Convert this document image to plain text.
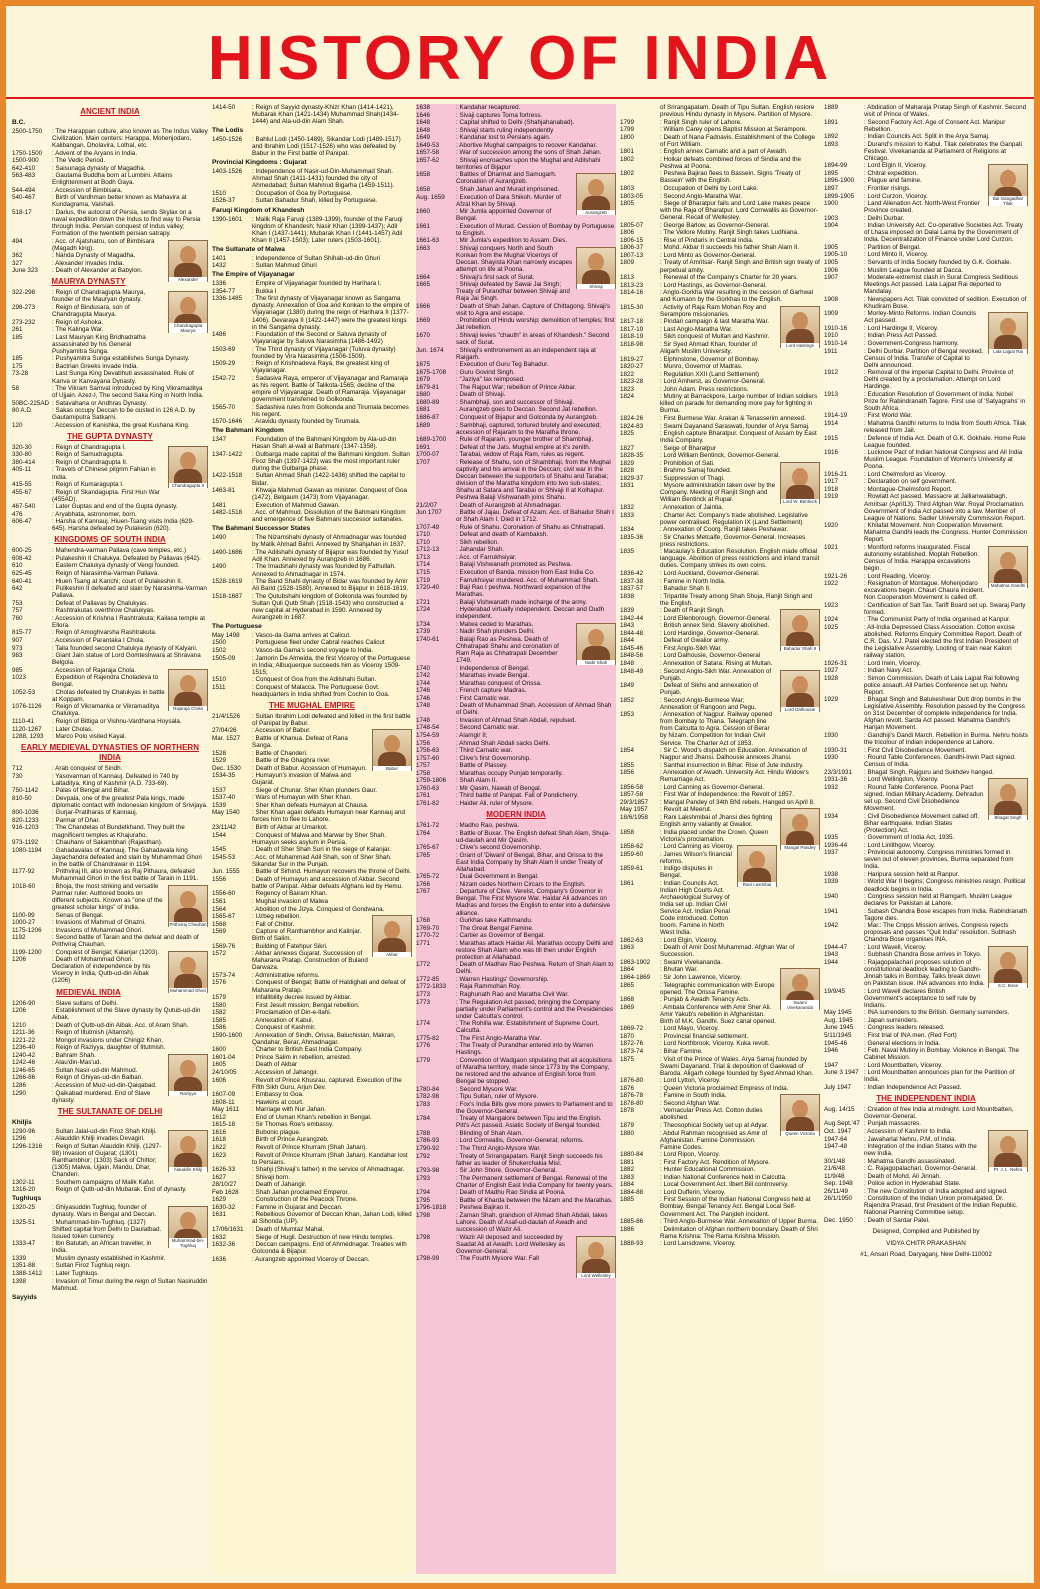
HISTORY OF INDIA
ANCIENT INDIA
B.C.
2500-1750	: The Harappan culture, also known as The Indus Valley Civilization. Main centers: Harappa, Mohenjodaro, Kalibangan, Dholavira, Lothal, etc.
1750-1500	: Advent of the Aryans in India.
1500-900	: The Vedic Period.
642-410	: Saisunaga dynasty of Magadha.
563-483	: Gautama Buddha born at Lumbini. Attains Enlightenment at Bodh Gaya.
544-494	: Accession of Bimbisara.
540-467	: Birth of Vardhman better known as Mahavira at Kundagrama, Vaishali.
518-17	: Darius, the autocrat of Persia, sends Skylax on a naval expedition down the Indus to find way to Persia through India. Persian conquest of Indus valley; Formation of the twentieth persian satrapy.
Alexander
494	: Acc. of Ajatshatru, son of Bimbisara (Magadh king).
362	: Nanda Dynasty of Magadha.
327	: Alexander invades India.
June 323	: Death of Alexander at Babylon.
MAURYA DYNASTY
Chandragupta Maurya
322-298	: Reign of Chandragupta Maurya, founder of the Mauryan dynasty.
298-273	: Reign of Bindusara, son of Chandragupta Maurya.
273-232	: Reign of Ashoka.
261	: The Kalinga War.
185	: Last Mauryan King Bridhadratha assassinated by his General Pushyamitra Sunga.
185	: Pushyamitra Sunga establishes Sunga Dynasty.
175	: Bactrian Greeks invade India.
73-28	: Last Sunga King Devabhuti assassinated. Rule of Kanva or Kanvayana Dynasty.
58	: The Vikram Samvat introduced by King Vikramaditya of Ujjain. Azez-I, The second Saka King in North India.
50BC-225AD : Satavahana or Andhras Dynasty.
80 A.D.	: Sakas occupy Deccan to be ousted in 126 A.D. by Gautamiputra Satkarni.
120	: Accession of Kanishka, the great Kushana King.
THE GUPTA DYNASTY
Chandragupta II
320-30	: Reign of Chandragupta I.
330-80	: Reign of Samudragupta.
380-414	: Reign of Chandragupta II.
405-11	: Travels of Chinese pilgrim Fahian in India.
415-55	: Reign of Kumaragupta I.
455-67	: Reign of Skandagupta. First Hun War (455AD).
467-540	: Later Guptas and end of the Gupta dynasty.
476	: Aryabhata, astronomer, born.
606-47	: Harsha of Kannauj. Hiuen-Tsang visits India (629-645). Harsha defeated by Pulakesin (620).
KINGDOMS OF SOUTH INDIA
600-25	: Mahendra-varman Pallava (cave temples, etc.)
608-42	: Pulakeshin II Chalukya. Defeated by Pallavas (642).
610	: Eastern Chalukya dynasty of Vengi founded.
625-45	: Reign of Narasimha-Varman Pallava.
640-41	: Hiuen Tsang at Kanchi; court of Pulakeshin II.
642	: Pulikeshin II defeated and slain by Narasimha-Varman Pallava.
753	: Defeat of Pallavas by Chalukyas.
757	: Rashtrakutas overthrow Chalukyas.
760	: Accession of Krishna I Rashtrakuta; Kailasa temple at Ellora.
815-77	: Reign of Amoghvarsha Rashtrakuta.
907	: Accession of Parantaka I Chola.
973	: Taila founded second Chalukya dynasty of Kalyani.
983	: Giant Jain statue of Lord Gomteshwara at Shravana Belgola.
Rajaraja Chola
985	: Accession of Rajaraja Chola.
1023	: Expedition of Rajendra Choladeva to Bengal.
1052-53	: Cholas defeated by Chalukyas in battle at Koppam.
1076-1126	: Reign of Vikramanka or Vikramaditya Chalukya.
1110-41	: Reign of Bittiga or Vishnu-Vardhana Hoysala.
1120-1267	: Later Cholas.
1288, 1293	: Marco Polo visited Kayal.
EARLY MEDIEVAL DYNASTIES OF NORTHERN INDIA
712	: Arab conquest of Sindh.
730	: Yasovarman of Kannauj. Defeated in 740 by Laltaditya, King of Kashmir (A.D. 733-69).
750-1142	: Palas of Bengal and Bihar.
810-50	: Devpala, one of the greatest Pala kings, made diplomatic contact with Indonesian kingdom of Srivijaya.
800-1036	: Gurjar-Pratiharas of Kannauj.
820-1233	: Parmar of Dhar.
916-1203	: The Chandelas of Bundelkhand. They built the magnificent temples at Khajuraho.
973-1192	: Chauhans of Sakambhari (Rajasthan).
1080-1194	: Gahadavalas of Kannauj. The Gahadavala king Jayachandra defeated and slain by Muhammad Ghori in the battle of Chandrawar in 1194.
1177-92	: Prithviraj III, also known as Raj Pithaura, defeated Muhammad Ghori in the first battle of Tarain in 1191.
Prithviraj Chauhan
1018-60	: Bhoja, the most striking and versatile Parmar ruler. Authored books on different subjects. Known as "one of the greatest scholar kings" of India.
1100-99	: Senas of Bengal.
1000-27	: Invasions of Mahmud of Ghazni.
1175-1206	: Invasions of Muhammad Ghori.
1192	: Second battle of Tarain and the defeat and death of Prithviraj Chauhan.
Muhammad Ghori
1199-1200	: Conquest of Bengal; Kalanjar (1203).
1206	: Death of Mohammad Ghori. Declaration of independence by his Viceroy in India, Qutb-ud-din Aibak (1206)
MEDIEVAL INDIA
1206-90	: Slave sultans of Delhi.
1206	: Establishment of the Slave dynasty by Qutub-ud-din Aibak.
1210	: Death of Qutb-ud-din Aibak. Acc. of Aram Shah.
1211-36	: Reign of Iltutmish (Altamsh).
1221-22	: Mongol invasions under Chingiz Khan.
1236-40	: Reign of Raziyya, daughter of Iltutmish.
Raziyya
1240-42	: Bahram Shah.
1242-46	: Alau'din-Mas'ud.
1246-65	: Sultan Nasir-ud-din Mahmud.
1266-86	: Reign of Ghiyas-ud-din Balban.
1286	: Accession of Muiz-ud-din-Qaiqabad.
1290	: Qaikabad murdered. End of Slave dynasty.
THE SULTANATE OF DELHI
Khiljis
Alauddin Khilji
1290-96	: Sultan Jalal-ud-din Firoz Shah Khilji.
1296	: Alauddin Khilji invades Devagiri.
1296-1316	: Reign of Sultan Alauddin Khilji. (1297-98) Invasion of Gujarat; (1301) Ranthambhor; (1303) Sack of Chittor; (1305) Malwa, Ujjain, Mandu, Dhar, Chanderi.
1302-11	: Southern campaigns of Malik Kafur.
1316-20	: Reign of Qutb-ud-din Mubarak. End of dynasty.
Tughluqs
Muhammad-bin-Tughluq
1320-25	: Ghiyasuddin Tughluq, founder of dynasty. Wars in Bengal and Deccan.
1325-51	: Muhammad-bin-Tughluq. (1327) Shifted capital from Delhi to Daulatbad. Issued token currency.
1333-47	: Ibn Batutah, an African traveller, in India.
1339	: Muslim dynasty established in Kashmir.
1351-88	: Sultan Firoz Tughluq reign.
1388-1412	: Later Tughluqs.
1398	: Invasion of Timur during the reign of Sultan Nasiruddin Mahmud.
Sayyids
1414-50	: Reign of Sayyid dynasty-Khizr Khan (1414-1421), Mubarak Khan (1421-1434) Muhammad Shah(1434-1444) and Ala-ud-din Alam Shah.
The Lodis
1450-1526	: Bahlul Lodi (1450-1489), Sikandar Lodi (1489-1517) and Ibrahim Lodi (1517-1526) who was defeated by Babur in the First battle of Panipat.
Provincial Kingdoms : Gujarat
1403-1526	: Independence of Nasir-ud-Din-Muhammad Shah. Ahmad Shah (1411-1431) founded the city of Ahmedabad; Sultan Mahmud Bigarha (1459-1511).
1510	: Occupation of Goa by Portuguese.
1526-37	: Sultan Bahadur Shah, killed by Portuguese.
Faruqi Kingdom of Khandesh
1390-1601	: Malik Raja Faruqi (1389-1399), founder of the Faruqi kingdom of Khandesh; Nasir Khan (1399-1437); Adil Khan I (1437-1441); Mubarak Khan I (1441-1457) Adil Khan II (1457-1503); Later rulers (1503-1601).
The Sultanate of Malwa
1401	: Independence of Sultan Shihab-ud-din Ghuri
1432	: Sultan Mahmud Ghuri
The Empire of Vijayanagar
1336	: Empire of Vijayanagar founded by Harihara I.
1354-77	: Bukka I
1336-1485	: The first dynasty of Vijayanagar known as Sangama dynasty. Annexation of Goa and Konkan to the empire of Vijayanagar (1380) during the reign of Harihara II (1377-1406). Devaraya II (1422-1447) were the greatest kings in the Sangama dynasty.
1486	: Foundation of the Second or Saluva dynasty of Vijayanagar by Saluva Narasimha (1486-1492)
1503-69	: The Third dynasty of Vijayanagar (Tuluva dynasty) founded by Vira Narasimha (1506-1509).
1509-29	: Reign of Krishnadeva Raya, the greatest king of Vijayanagar.
1542-72	: Sadasiva Raya, emperor of Vijayanagar and Ramaraja as his regent. Battle of Talikota-1565; decline of the empire of Vijayanagar. Death of Ramaraja. Vijayanagar government transferred to Golkonda.
1565-70	: Sadashiva rules from Golkonda and Tirumala becomes his regent.
1570-1646	: Aravidu dynasty founded by Tirumala.
The Bahmani Kingdom
1347	: Foundation of the Bahmani Kingdom by Ala-ud-din Hasan Shah al-wali al Bahmani (1347-1358).
1347-1422	: Gulbarga made capital of the Bahmani kingdom. Sultan Firoz Shah (1397-1422) was the most important ruler during the Gulbarga phase.
1422-1518	: Sultan Ahmad Shah (1422-1436) shifted the capital to Bidar.
1463-81	: Khwaja Mahmud Gawan as minister. Conquest of Goa (1472), Belgaum (1473) from Vijayanagar.
1481	: Execution of Mahmud Gawan.
1482-1518	: Acc. of Mahmud. Dissolution of the Bahmani Kingdom and emergence of five Bahmani successor sultanates.
The Bahmani Successor States
1490	: The Nizamshahi dynasty of Ahmadnagar was founded by Malik Ahmad Bahri. Annexed by Shahjahan in 1637.
1490-1686	: The Adilshahi dynasty of Bijapur was founded by Yusuf Adil Khan. Annexed by Aurangzeb in 1686.
1490	: The Imadshahi dynasty was founded by Fathullah. Annexed to Ahmadnagar in 1574.
1528-1619	: The Barid Shahi dynasty of Bidar was founded by Amir Ali Barid (1528-1580). Annexed to Bijapur in 1618-1619.
1518-1687	: The Qutubshahi kingdom of Golkonda was founded by Sultan Quli Qutb Shah (1518-1543) who constructed a new capital at Hyderabad in 1590. Annexed by Aurangzeb in 1687.
The Portuguese
May 1498	: Vasco-da Gama arrives at Calicut.
1500	: Portuguese fleet under Cabral reaches Calicut
1502	: Vasco-da Gama's second voyage to India.
1505-09	: Jamorin De Almeida, the first Viceroy of the Portuguese in India; Albuquerque succeeds him as Viceroy 1509-1515;
1510	: Conquest of Goa from the Adilshahi Sultan.
1511	: Conquest of Malacca. The Portuguese Govt. headquarters in India shifted from Cochin to Goa.
THE MUGHAL EMPIRE
21/4/1526	: Sultan Ibrahim Lodi defeated and killed in the first battle of Panipat by Babur.
Babur
27/04/26	: Accession of Babur.
Mar. 1527	: Battle of Khanua. Defeat of Rana Sanga.
1528	: Battle of Chanderi.
1529	: Battle of the Ghaghra river.
Dec. 1530	: Death of Babur. Accession of Humayun.
1534-35	: Humayun's invasion of Malwa and Gujarat.
1537	: Siege of Chunar. Sher Khan plunders Gaur.
1537-40	: Wars of Humayun with Sher Khan.
1539	: Sher Khan defeats Humayun at Chausa.
May 1540	: Sher Khan again defeats Humayun near Kannauj and forces him to flee to Lahore.
23/11/42	: Birth of Akbar at Umarkot.
1544	: Conquest of Malwa and Marwar by Sher Shah. Humayun seeks asylum in Persia.
1545	: Death of Sher Shah Suri in the siege of Kalanjar.
1545-53	: Acc. of Muhammad Adil Shah, son of Sher Shah. Sikandar Sur in the Punjab.
Jun. 1555	: Battle of Sirhind. Humayun recovers the throne of Delhi.
1556	: Death of Humayun and accession of Akbar. Second battle of Panipat. Akbar defeats Afghans led by Hemu.
1556-60	: Regency of Bairam Khan.
1561	: Mughal invasion of Malwa
1564	: Abolition of the Jizya. Conquest of Gondwana.
Akbar
1565-67	: Uzbeg rebellion.
1568	: Fall of Chittor.
1569	: Capture of Ranthambhor and Kalinjar. Birth of Salim.
1569-76	: Building of Fatehpur Sikri.
1572	: Akbar annexes Gujarat. Succession of Maharana Pratap. Construction of Buland Darwaza.
1573-74	: Administrative reforms.
1576	: Conquest of Bengal; Battle of Haldighati and defeat of Maharana Pratap.
1579	: Infallibility decree issued by Akbar.
1580	: First Jesuit mission; Bengal rebellion.
1582	: Proclamation of Din-e-Ilahi.
1585	: Annexation of Kabul.
1586	: Conquest of Kashmir.
1590-1600	: Annexation of Sindh, Orissa, Baluchistan, Makran, Qandahar, Berar, Ahmadnagar.
1600	: Charter to British East India Company.
1601-04	: Prince Salim in rebellion, arrested.
1605	: Death of Akbar
24/10/05	: Accession of Jahangir.
1606	: Revolt of Prince Khusrau, captured. Execution of the Fifth Sikh Guru, Arjun Dev.
1607-09	: Embassy to Goa.
1608-11	: Hawkins at court.
May 1611	: Marriage with Nur Jahan.
1612	: End of Usman Khan's rebellion in Bengal.
1615-18	: Sir Thomas Roe's embassy.
1616	: Bubonic plague.
1618	: Birth of Prince Aurangzeb.
1622	: Revolt of Prince Khurram (Shah Jahan).
1623	: Revolt of Prince Khurram (Shah Jahan). Kandahar lost to Persians.
1626-33	: Shahji (Shivaji's father) in the service of Ahmadnagar.
1627	: Shivaji born.
28/10/27	: Death of Jahangir.
Feb 1628	: Shah Jahan proclaimed Emperor.
1629	: Construction of the Peacock Throne.
1630-32	: Famine in Gujarat and Deccan.
1631	: Rebellious Governor of Deccan Khan, Jahan Lodi, killed at Sihonda (UP).
17/06/1631	: Death of Mumtaz Mahal.
1632	: Siege of Hugli. Destruction of new Hindu temples.
1632-36	: Deccan campaigns. End of Ahmednagar. Treaties with Golconda & Bijapur.
1636	: Aurangzeb appointed Viceroy of Deccan.
1638	: Kandahar recaptured.
1646	: Sivaji captures Torna fortress.
1648	: Capital shifted to Delhi (Shahjahanabad).
1648	: Shivaji starts ruling independently
1649	: Kandahar lost to Persians again.
1649-53	: Abortive Mughal campaigns to recover Kandahar.
1657-58	: War of succession among the sons of Shah Jahan.
1657-62	: Shivaji encroaches upon the Mughal and Adilshahi territories of Bijapur
Aurangzeb
1658	: Battles of Dharmat and Samugarh. Coronation of Aurangzeb.
1658	: Shah Jahan and Murad imprisoned.
Aug. 1659	: Execution of Dara Shikoh. Murder of Afzal Khan by Shivaji.
1660	: Mir Jumla appointed Governor of Bengal.
1661	: Execution of Murad. Cession of Bombay by Portuguese to English.
1661-63	: Mir Jumla's expedition to Assam. Dies.
Shivaji
1663	: Shivaji conquers North and South Konkan from the Mughal Viceroys of Deccan. Shayista Khan narrowly escapes attempt on life at Poona.
1664	: Shivaji's first sack of Surat.
1665	: Shivaji defeated by Sawai Jai Singh; Treaty of Purandhar between Shivaji and Raja Jai Singh.
1666	: Death of Shah Jahan. Capture of Chittagong. Shivaji's visit to Agra and escape.
1669	: Prohibition of Hindu worship; demolition of temples; first Jat rebellion.
1670	: Shivaji levies "chauth" in areas of Khandesh." Second sack of Surat.
Jun. 1674	: Shivaji's enthronement as an independent raja at Raigarh.
1675	: Execution of Guru Teg Bahadur.
1675-1708	: Guru Govind Singh.
1679	: "Jaziya" tax reimposed.
1679-81	: The Rajput War; rebellion of Prince Akbar.
1680	: Death of Shivaji.
1680-89	: Shambhaji, son and successor of Shivaji.
1681	: Aurangzeb goes to Deccan. Second Jat rebellion.
1686-87	: Conquest of Bijapur and Golconda by Aurangzeb.
1689	: Sambhaji, captured, tortured brutely and executed; accession of Rajaram to the Maratha throne.
1689-1700	: Rule of Rajaram, younger brother of Shambhaji.
1691	: Defeat of the Jats. Mughal empire at it's zenith.
1700-07	: Tarabai, widow of Raja Ram, rules as regent.
1707	: Release of Shahu, son of Shambhaji, from the Mughal captivity and his arrival in the Deccan; civil war in the Deccan between the supporters of Shahu and Tarabai; division of the Maratha kingdom into two sub-states; Shahu at Satara and Tarabai or Shivaji II at Kolhapur. Peshwa Balaji Vishwanath joins Shahu.
21/2/07	: Death of Aurangzeb at Ahmadnagar.
Jun 1707	: Battle of Jajau. Defeat of Azam. Acc. of Bahadur Shah I or Shah Alam I. Died in 1712.
1707-49	: Rule of Shahu. Coronation of Shahu as Chhatrapati.
1710	: Defeat and death of Kambaksh.
1710	: Sikh rebellion.
1712-13	: Jahandar Shah.
1713	: Acc. of Farrukhsiyar.
1714	: Balaji Vishwanath promoted as Peshwa.
1715	: Execution of Banda. mission from East India Co.
1719	: Farrukhsiyar murdered. Acc. of Muhammad Shah.
1720-40	: Baji Rao I peshwa. Northward expansion of the Marathas.
1721	: Balaji Vishwanath made incharge of the army.
1724	: Hyderabad virtually independent. Deccan and Oudh independent.
Nadir Shah
1734	: Malwa ceded to Marathas.
1739	: Nadir Shah plunders Delhi.
1740-61	: Balaji Rao as Peshwa. Death of Chhatrapati Shahu and coronation of Ram Raja as Chhatrapati December 1749.
1740	: Independence of Bengal.
1742	: Marathas invade Bengal.
1744	: Marathas conquest of Orissa.
1746	: French capture Madras.
1746	: First Carnatic war.
1748	: Death of Muhammad Shah. Accession of Ahmad Shah of Delhi.
1748	: Invasion of Ahmad Shah Abdali, repulsed.
1748-54	: Second Carnatic war.
1754-59	: Alamgir II;
1756	: Ahmad Shah Abdali sacks Delhi.
1756-63	: Third Carnatic war.
1757-60	: Clive's first Governorship.
1757	: Battle of Plassey.
1758	: Marathas occupy Punjab temporarily.
1759-1806	: Shah Alam II.
1760-63	: Mir Qasim, Nawab of Bengal.
1761	: Third battle of Panipat. Fall of Pondicherry.
1761-82	: Haider Ali, ruler of Mysore.
MODERN INDIA
1761-72	: Madho Rao, peshwa.
1764	: Battle of Buxar. The English defeat Shah Alam, Shuja-ud-daulah and Mir Qasim.
1765-67	: Clive's second Governorship.
1765	: Grant of 'Diwani' of Bengal, Bihar, and Orissa to the East India Company by Shah Alam II under Treaty of Allahabad.
1765-72	: Dual Government in Bengal.
1766	: Nizam cedes Northern Circars to the English.
1767	: Departure of Clive. Verelst, Company's Governor in Bengal. The First Mysore War. Haidar Ali advances on Madras and forces the English to enter into a defensive alliance.
1768	: Gurkhas take Kathmandu.
1769-70	: The Great Bengal Famine.
1770-72	: Cartier as Governor of Bengal.
1771	: Marathas attack Haidar Ali. Marathas occupy Delhi and restore Shah Alam who was till then under English protection at Allahabad.
1772	: Death of Madhav Rao Peshwa. Return of Shah Alam to Delhi.
1772-85	: Warren Hastings' Governorship.
1772-1833	: Raja Rammohan Roy.
1773	: Raghunath Rao and Maratha Civil War.
1773	: The Regulation Act passed, bringing the Company partially under Parliament's control and the Presidencies under Calcutta's control.
1774	: The Rohilla war. Establishment of Supreme Court, Calcutta.
1775-82	: The First Anglo-Maratha War.
1776	: The Treaty of Purandhar entered into by Warren Hastings.
1779	: Convention of Wadgaon stipulating that all acquisitions of Maratha territory, made since 1773 by the Company, be restored and the advance of English force from Bengal be stopped.
1780-84	: Second Mysore War.
1782-98	: Tipu Sultan, ruler of Mysore.
1783	: Fox's India Bills give more powers to Parliament and to the Governor-General.
1784	: Treaty of Mangalore between Tipu and the English. Pitt's Act passed. Asiatic Society of Bengal founded.
1788	: Blinding of Shah Alam.
1786-93	: Lord Cornwallis, Governor-General; reforms.
1790-92	: The Third Anglo-Mysore War.
1792	: Treaty of Srirangapatam. Ranjit Singh succeeds his father as leader of Shukerchakia Misl.
1793-98	: Sir John Shore, Governor-General.
1793	: The Permanent settlement of Bengal. Renewal of the Charter of English East India Company for twenty years.
1794	: Death of Madhu Rao Sindia at Poona.
1795	: Battle of Kharda between the Nizam and the Marathas.
1796-1818	: Peshwa Bajirao II.
1798	: Zaman Shah, grandson of Ahmad Shah Abdali, takes Lahore. Death of Asaf-ud-daulah of Awadh and succession of Wazir Ali.
Lord Wellesley
1798	: Wazir Ali deposed and succeeded by Saadat Ali at Awadh. Lord Wellesley as Governor-General.
1798-99	: The Fourth Mysore War. Fall
of Srirangapatam. Death of Tipu Sultan. English restore previous Hindu dynasty in Mysore. Partition of Mysore.
1799	: Ranjit Singh ruler of Lahore.
1799	: William Carey opens Baptist Mission at Serampore.
1800	: Death of Nana Fadnavis. Establishment of the College of Fort William.
1801	: English annex Carnatic and a part of Awadh.
1802	: Holkar defeats combined forces of Sindia and the Peshwa at Poona.
1802	: Peshwa Bajirao flees to Bassein. Signs 'Treaty of Bassein' with the English.
1803	: Occupation of Delhi by Lord Lake.
1803-05	: Second Anglo-Maratha War.
1805	: Siege of Bharatpur fails and Lord Lake makes peace with the Raja of Bharatpur. Lord Cornwallis as Governor-General. Recall of Wellesley.
1805-07	: George Barlow, as Governor-General.
1806	: The Vellore Mutiny. Ranjit Singh takes Ludhiana.
1806-15	: Rise of Pindaris in Central India.
1806-37	: Mohd. Akbar II succeeds his father Shah Alam II.
1807-13	: Lord Minto as Governor-General.
1809	: Treaty of Amritsar- Ranjit Singh and British sign treaty of perpetual amity.
1813	: Renewal of the Company's Charter for 20 years.
1813-23	: Lord Hastings, as Governor-General.
1814-16	: Anglo-Gorkha War resulting in the cession of Garhwal and Kumaon by the Gorkhas to the English.
Lord Hastings
1815-30	: Activity of Raja Ram Mohan Roy and Serampore missionaries.
1817-18	: Pindari campaign & last Maratha War.
1817-19	: Last Anglo-Maratha War.
1818-19	: Sikh conquest of Multan and Kashmir.
1818-98	: Sir Syed Ahmad Khan, founder of Aligarh Muslim University.
1819-27	: Elphinstone, Governor of Bombay.
1820-27	: Munro, Governor of Madras.
1822	: Regulation XXII (Land Settlement)
1823-28	: Lord Amherst, as Governor-General.
1823	: John Adam. Press restrictions.
1824	: Mutiny at Barrackpore, Large number of Indian soldiers killed on parade for demanding more pay for fighting in Burma.
1824-26	: First Burmese War. Arakan & Tenasserim annexed.
1824-83	: Swami Dayanand Saraswati, founder of Arya Samaj.
1825	: English capture Bharatpur. Conquest of Assam by East India Company.
1827	: Seige of Bharatpur
1828-35	: Lord William Bentinck, Governor-General.
Lord W. Bentinck
1829	: Prohibition of Sati.
1828	: Brahmo Samaj founded.
1829-37	: Suppression of Thagi.
1831	: Mysore administration taken over by the Company. Meeting of Ranjit Singh and William Bentinck at Rupar.
1832	: Annexation of Jaintia.
1833	: Charter Act. Company's trade abolished. Legislative power centralised. Regulation IX (Land Settlement)
1834	: Annexation of Coorg. Ranjit takes Peshawar.
1835-36	: Sir Charles Metcalfe, Governor-General. Increases press restrictions.
1835	: Macaulay's Education Resolution. English made official language. Abolition of press restrictions and inland transit duties. Company strikes its own coins.
1836-42	: Lord Auckland, Governor-General.
1837-38	: Famine in North India.
1837-57	: Bahadur Shah II.
1838	: Tripartite Treaty among Shah Shuja, Ranjit Singh and the English.
Bahadur Shah II
1839	: Death of Ranjit Singh.
1842-44	: Lord Ellenborough, Governor-General.
1843	: British annex Sind. Slavery abolished.
1844-48	: Lord Hardinge, Governor-General.
1844	: Defeat of Gwalior army.
1845-46	: First Anglo-Sikh War.
1848-56	: Lord Dalhousie, Governor-General
1848	: Annexation of Satara. Rising at Multan.
Lord Dalhousie
1848-49	: Second Anglo-Sikh War. Annexation of Punjab.
1849	: Defeat of Sikhs and annexation of Punjab.
1852	: Second Anglo-Burmese War; Annexation of Rangoon and Pegu.
1853	: Annexation of Nagpur. Railway opened from Bombay to Thana. Telegraph line from Calcutta to Agra. Cession of Berar by Nizam. Competition for Indian Civil Service. The Charter Act of 1853.
1854	: Sir C. Wood's dispatch on Education. Annexation of Nagpur and Jhansi. Dalhousie annexes Jhansi.
1855	: Santhal insurrection in Bihar. Rise of Jute industry.
1856	: Annexation of Awadh. University Act. Hindu Widow's Remarriage Act.
1856-58	: Lord Canning as Governor-General.
1857-58	: First War of Independence: the Revolt of 1857.
29/3/1857	: Mangal Pandey of 34th BNI rebels. Hanged on April 8.
Mangal Pandey
May 1957	: Revolt at Meerut.
18/6/1958	: Rani Lakshmibai of Jhansi dies fighting English army valiantly at Gwalior.
1858	: India placed under the Crown. Queen Victoria's proclamation.
Rani Laxmibai
1858-62	: Lord Canning as Viceroy.
1859-60	: James Wilson's financial reforms.
1859-61	: Indigo disputes in Bengal.
1861	: Indian Councils Act. Indian High Courts Act. Archaeological Survey of India set up. Indian Civil Service Act. Indian Penal Code introduced. Cotton boom. Famine in North West India.
1862-63	: Lord Elgin, Viceroy.
1863	: Death of Amir Dost Muhammad. Afghan War of Succession.
1863-1902	: Swami Vivekananda.
Swami Vivekananda
1864	: Bhutan War.
1864-1869	: Sir John Lawrence, Viceroy.
1865	: Telegraphic communication with Europe opened. The Orissa Famine.
1868	: Punjab & Awadh Tenancy Acts.
1869	: Ambala Conference with Amir Sher Ali. Amir Yakub's rebellion in Afghanistan. Birth of M.K. Gandhi. Suez canal opened.
1869-72	: Lord Mayo, Viceroy.
1870	: Provincial financial settlement.
1872-76	: Lord Northbrook, Viceroy. Kuka revolt.
1873-74	: Bihar Famine.
1875	: Visit of the Prince of Wales. Arya Samaj founded by Swami Dayanand. Trial & deposition of Gaekwad of Baroda. Aligarh college founded by Syed Ahmad Khan.
1876-80	: Lord Lytton, Viceroy.
1876	: Queen Victoria proclaimed Empress of India.
Queen Victoria
1876-78	: Famine in South India.
1878-80	: Second Afghan War.
1878	: Vernacular Press Act. Cotton duties abolished.
1879	: Theosophical Society set up at Adyar.
1880	: Abdul Rahman recognised as Amir of Afghanistan. Famine Commission. Famine Codes.
1880-84	: Lord Ripon, Viceroy.
1881	: First Factory Act. Rendition of Mysore.
1882	: Hunter Educational Commission.
1883	: Indian National Conference held in Calcutta.
1884	: Local Government Act. Ilbert Bill controversy.
1884-88	: Lord Dufferin, Viceroy.
1885	: First Session of the Indian National Congress held at Bombay. Bengal Tenancy Act. Bengal Local Self-Government Act. The Panjdeh incident.
1885-86	: Third Anglo-Burmese War. Annexation of Upper Burma.
1886	: Delimitation of Afghan northern boundary. Death of Shri Rama Krishna: The Rama Krishna Mission.
1888-93	: Lord Lansdowne, Viceroy.
1889	: Abdication of Maharaja Pratap Singh of Kashmir. Second visit of Prince of Wales.
1891	: Second Factory Act. Age of Consent Act. Manipur Rebellion.
1892	: Indian Councils Act. Split in the Arya Samaj.
1893	: Durand's mission to Kabul. Tilak celebrates the Ganpati Festival. Vivekananda at Parliament of Religions at Chicago.
Bal Gangadhar Tilak
1894-99	: Lord Elgin II, Viceroy.
1895	: Chitral expedition.
1896-1900	: Plague and famine.
1897	: Frontier risings.
1899-1905	: Lord Curzon, Viceroy.
1900	: Land Alienation Act. North-West Frontier Province created.
1903	: Delhi Durbar.
1904	: Indian University Act. Co-operative Societies Act. Treaty of Lhasa imposed on Dalai Lama by the Government of India. Decentralization of Finance under Lord Curzon.
1905	: Partition of Bengal.
1905-10	: Lord Minto II, Viceroy.
1905	: Servants of India Society founded by G.K. Gokhale.
1906	: Muslim League founded at Dacca.
1907	: Moderate-extremist clash in Surat Congress Seditious Meetings Act passed. Lala Lajpat Rai deported to Mandalay.
1908	: Newspapers Act. Tilak convicted of sedition. Execution of Khudiram Bose.
Lala Lajpat Rai
1909	: Morley-Minto Reforms. Indian Councils Act passed.
1910-16	: Lord Hardinge II, Viceroy.
1910	: Indian Press Act Passed.
1910-14	: Government-Congress harmony.
1911	: Delhi Durbar. Partition of Bengal revoked. Census of India. Transfer of Capital to Delhi announced.
1912	: Removal of the imperial Capital to Delhi. Province of Delhi created by a proclamation. Attempt on Lord Hardinge.
1913	: Education Resolution of Government of India. Nobel Prize for Rabindranath Tagore. First use of 'Satyagrahs' in South Africa.
1914-19	: First World War.
1914	: Mahatma Gandhi returns to India from South Africa. Tilak released from Jail.
1915	: Defence of India Act. Death of G.K. Gokhale. Home Rule League founded.
1916	: Lucknow Pact of Indian National Congress and All India Muslim League. Foundation of Women's University at Poona.
1916-21	: Lord Chelmsford as Viceroy.
1917	: Declaration on self government.
1918	: Montague-Chelmsford Report.
1919	: Rowlatt Act passed. Massacre at Jallianwalabagh, Amritsar (April13). Third Afghan War. Royal Proclamation. Government of India Act passed into a law. Member of League of Nations. Sadler University Commission Report.
1920	: Khilafat Movement. Non Cooperation Movement. Mahatma Gandhi leads the Congress. Hunter Commission Report.
Mahatma Gandhi
1921	: Montford reforms inaugurated. Fiscal autonomy established. Moplah Rebellion. Census of India. Harappa excavations begin.
1921-26	: Lord Reading, Viceroy.
1922	: Resignation of Montague. Mohenjodaro excavations begin. Chauri Chaura incident. Non Cooperation Movement is called off.
1923	: Certification of Salt Tax. Tariff Board set up. Swaraj Party formed.
1924	: The Communist Party of India organised at Kanpur.
1925	: All-India Depressed Class Association. Cotton excise abolished. Reforms Enquiry Committee Report. Death of C.R. Das. V.J. Patel elected the first Indian President of the Legislative Assembly. Looting of train near Kakori railway station.
1926-31	: Lord Irwin, Viceroy.
1927	: Indian Navy Act.
1928	: Simon Commission. Death of Lala Lajpat Rai following police assault. All Parties Conference set up. Nehru Report.
1929	: Bhagat Singh and Batukeshwar Dutt drop bombs in the Legislative Assembly. Resolution passed by the Congress on 31st December of complete independence for India. Afghan revolt. Sarda Act passed. Mahatma Gandhi's Harijan Movement.
1930	: Gandhiji's Dandi March. Rebellion in Burma. Nehru hoists the tricolour of Indian independence at Lahore.
1930-31	: First Civil Disobedience Movement.
1930	: Round Table Conferences. Gandhi-Irwin Pact signed. Census of India.
23/3/1931	: Bhagat Singh, Rajguru and Sukhdev hanged.
Bhagat Singh
1931-36	: Lord Wellingdon, Viceroy.
1932	: Round Table Conference. Poona Pact signed. Indian Military Academy, Dehradun set up. Second Civil Disobedience Movement.
1934	: Civil Disobedience Movement called off. Bihar earthquake. Indian States (Protection) Act.
1935	: Government of India Act, 1935.
1936-44	: Lord Linlithgow, Viceroy.
1937	: Provincial autonomy. Congress ministries formed in seven out of eleven provinces. Burma separated from India.
1938	: Haripura session held at Ranpur.
1939	: World War II begins; Congress ministries resign. Political deadlock begins in India.
1940	: Congress session held at Ramgarh. Muslim League declares for Pakistan at Lahore.
1941	: Subash Chandra Bose escapes from India. Rabindranath Tagore dies.
1942	: Mar.: The Cripps Mission arrives. Congress rejects proposals and passes "Quit India" resolution. Subhash Chandra Bose organises INA.
S.C. Bose
1944-47	: Lord Wavell, Viceroy.
1943	: Subhash Chandra Bose arrives in Tokyo.
1944	: Rajagopalachari proposes solution of constitutional deadlock leading to Gandhi-Jinnah talks in Bombay. Talks break down on Pakistan issue. INA advances into India.
19/9/45	: Lord Wavell declares British Government's acceptance to self rule by Indians.
May 1945	: INA surrenders to the British. Germany surrenders.
Aug. 1945	: Japan surrenders.
June 1945	: Congress leaders released.
5/11/1945	: First trial of INA men. (Red Fort)
1945-46	: General elections in India.
1946	: Feb. Naval Mutiny in Bombay. Violence in Bengal. The Cabinet Mission.
1947	: Lord Mountbatten, Viceroy.
June 3 1947 : Lord Mountbatten announces plan for the Partition of India.
July 1947	: Indian Independence Act Passed.
THE INDEPENDENT INDIA
Aug. 14/15	: Creation of free India at midnight. Lord Mountbatten, Governor-General.
Aug.Sept.'47 : Punjab massacres.
Pt. J. L. Nehru
Oct. 1947	: Accession of Kashmir to India.
1947-64	: Jawaharlal Nehru, P.M. of India.
1947-48	: Integration of the Indian States with the new India.
30/1/48	: Mahatma Gandhi assassinated.
21/6/48	: C. Rajagopalachari, Governor-General.
11/9/48	: Death of Mohd. Ali Jinnah.
Sep. 1948	: Police action in Hyderabad State.
26/11/49	: The new Constitution of India adopted and signed.
26/1/1950	: Constitution of the Indian Union promulgated. Dr. Rajendra Prasad, first President of the Indian Republic. National Planning Committee setup.
Dec. 1950	: Death of Sardar Patel.
Designed, Compiled and Published by
VIDYA CHITR PRAKASHAN
#1, Ansari Road, Daryaganj, New Delhi-110002
